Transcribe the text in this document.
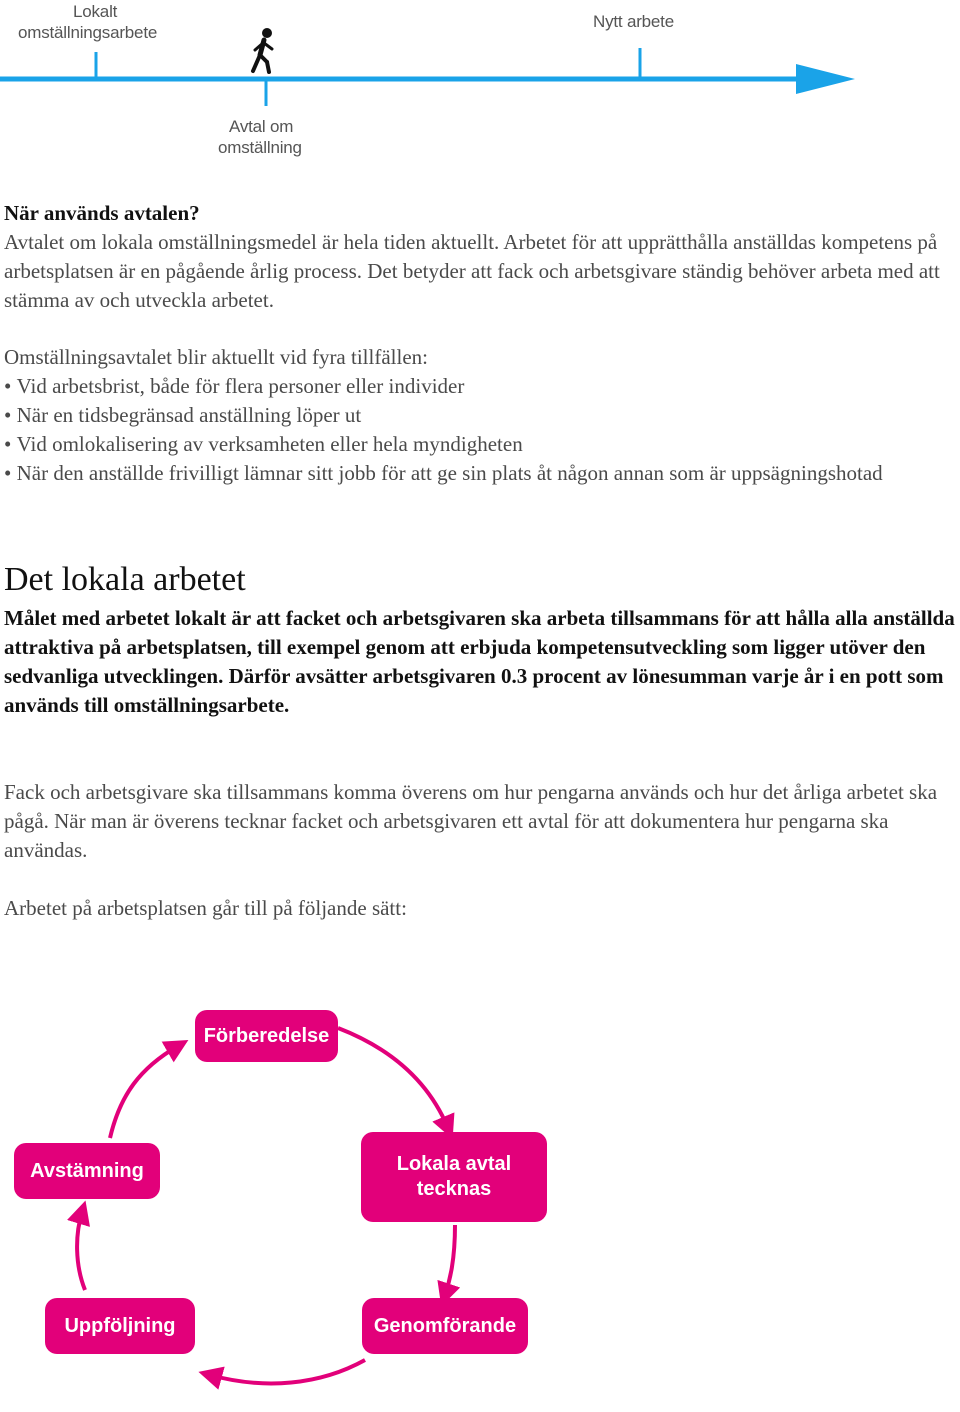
Lokalt
omställningsarbete
Nytt arbete
Avtal om
omställning

När används avtalen?

Avtalet om lokala omställningsmedel är hela tiden aktuellt. Arbetet för att upprätthålla anställdas kompetens på arbetsplatsen är en pågående årlig process. Det betyder att fack och arbetsgivare ständig behöver arbeta med att stämma av och utveckla arbetet.

Omställningsavtalet blir aktuellt vid fyra tillfällen:

• Vid arbetsbrist, både för flera personer eller individer
• När en tidsbegränsad anställning löper ut
• Vid omlokalisering av verksamheten eller hela myndigheten
• När den anställde frivilligt lämnar sitt jobb för att ge sin plats åt någon annan som är uppsägningshotad
Det lokala arbetet
Målet med arbetet lokalt är att facket och arbetsgivaren ska arbeta tillsammans för att hålla alla anställda attraktiva på arbetsplatsen, till exempel genom att erbjuda kompetensutveckling som ligger utöver den sedvanliga utvecklingen. Därför avsätter arbetsgivaren 0.3 procent av lönesumman varje år i en pott som används till omställningsarbete.
Fack och arbetsgivare ska tillsammans komma överens om hur pengarna används och hur det årliga arbetet ska pågå. När man är överens tecknar facket och arbetsgivaren ett avtal för att dokumentera hur pengarna ska användas.
Arbetet på arbetsplatsen går till på följande sätt:
Förberedelse
Lokala avtal
tecknas
Avstämning
Uppföljning	Genomförande
